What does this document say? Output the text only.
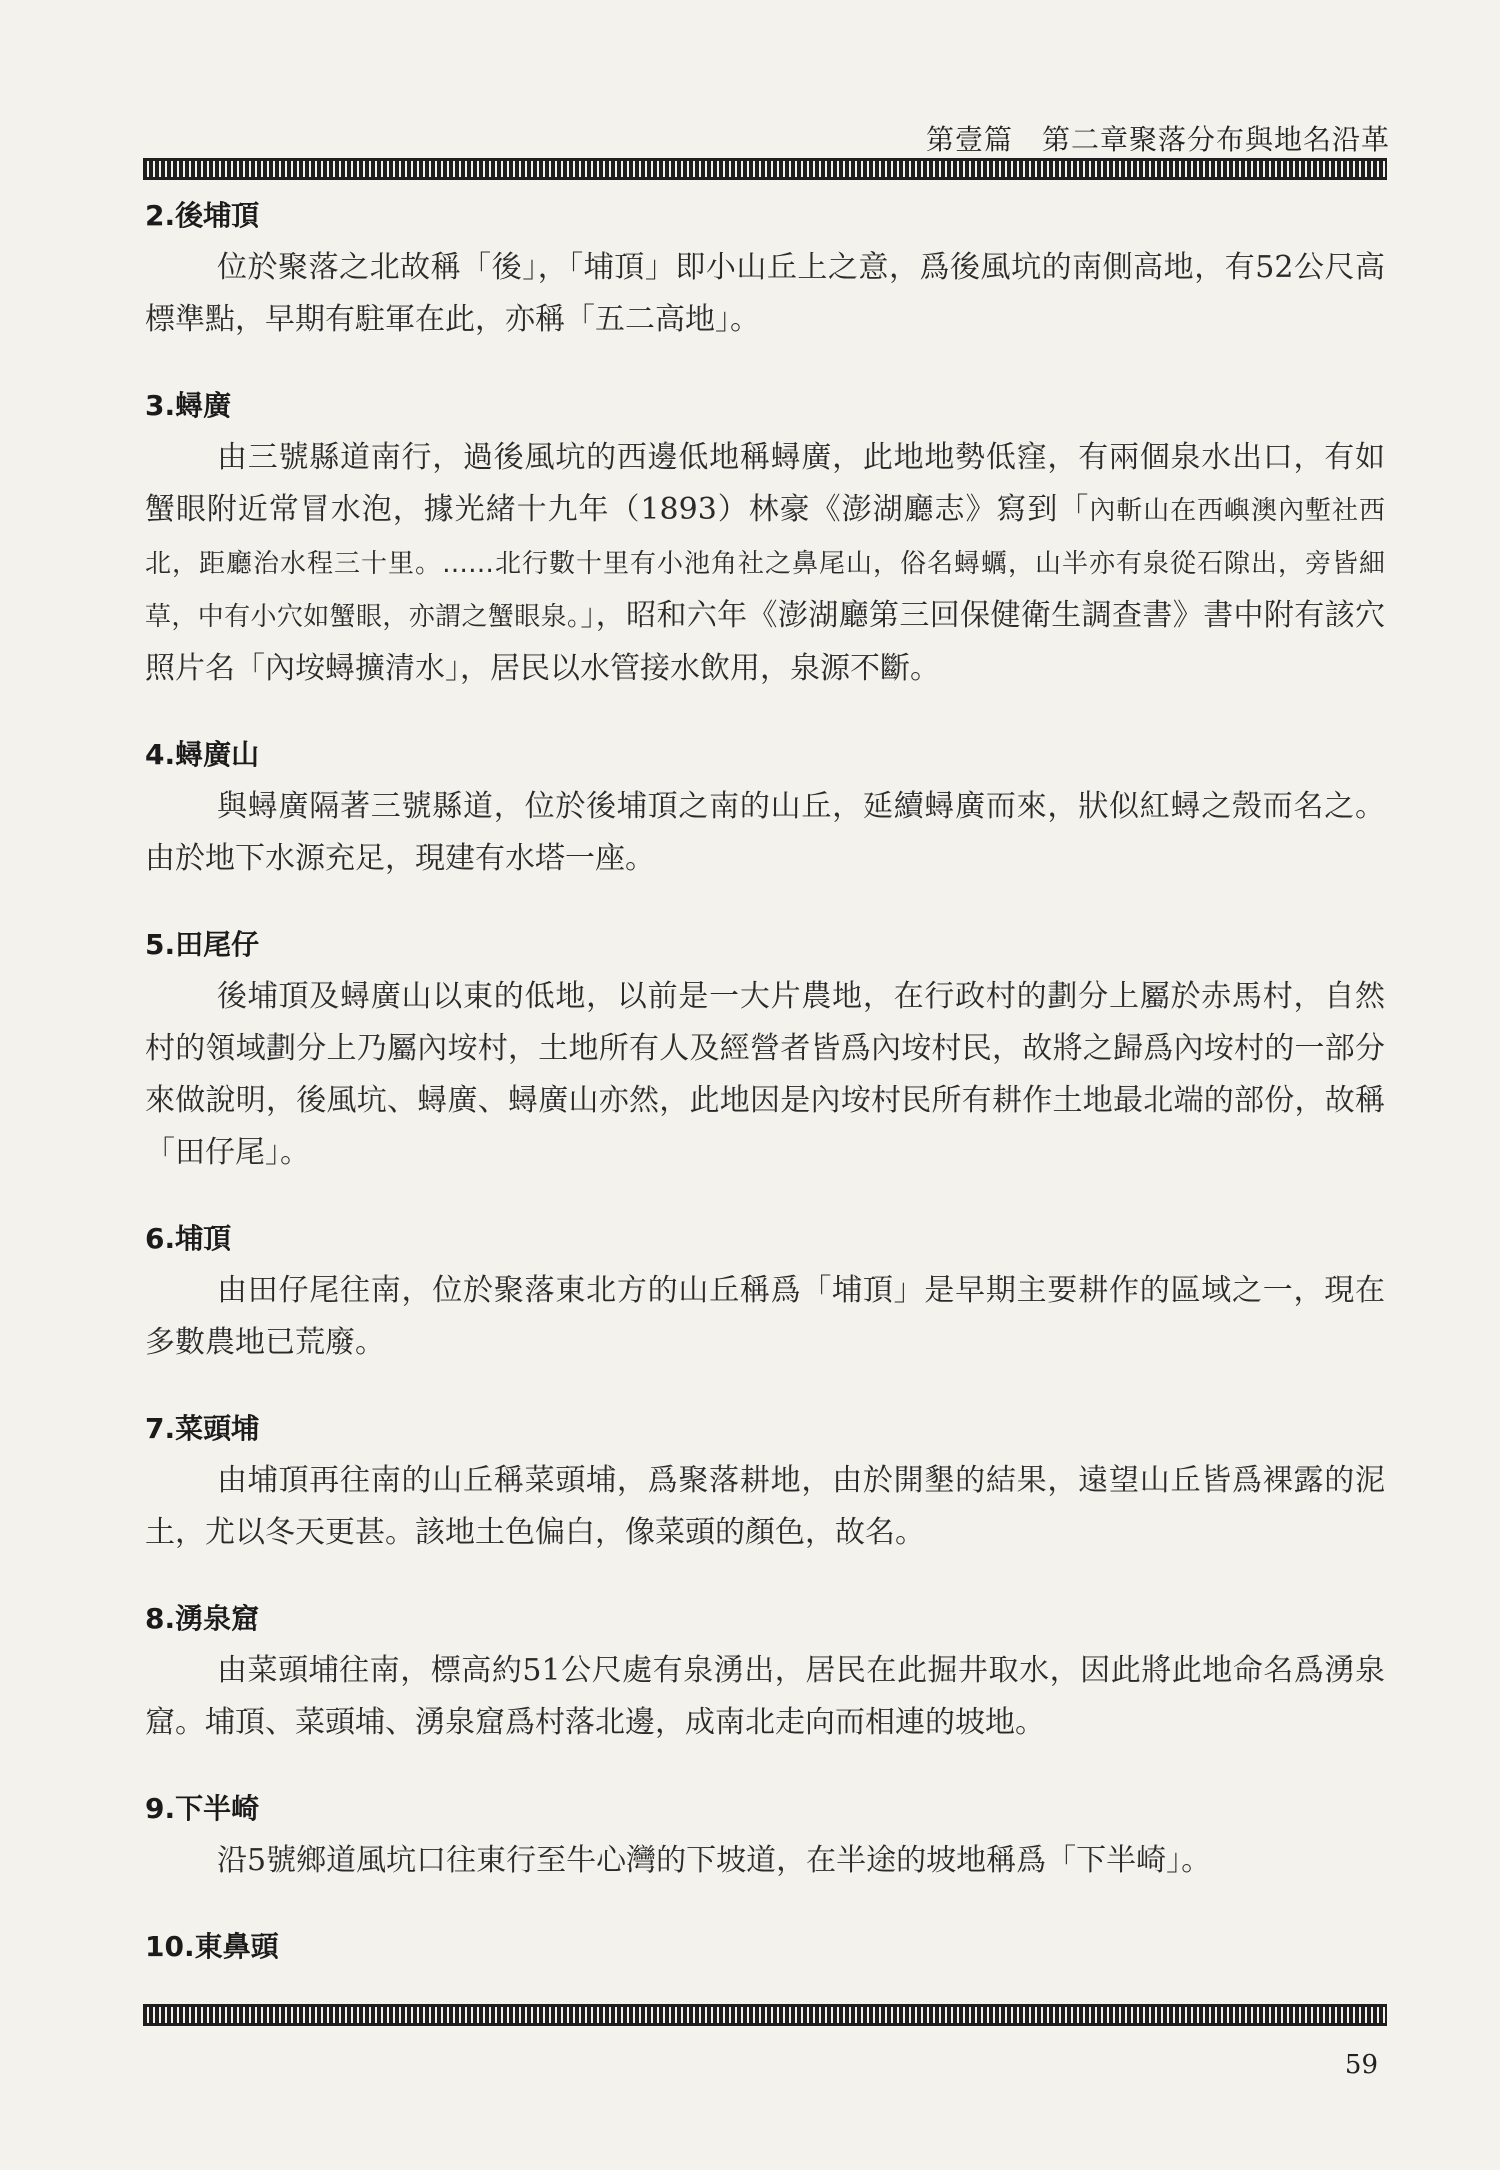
第壹篇　第二章聚落分布與地名沿革
2.後埔頂

位於聚落之北故稱「後」，「埔頂」即小山丘上之意，爲後風坑的南側高地，有52公尺高標準點，早期有駐軍在此，亦稱「五二高地」。

3.蟳廣

由三號縣道南行，過後風坑的西邊低地稱蟳廣，此地地勢低窪，有兩個泉水出口，有如蟹眼附近常冒水泡，據光緒十九年（1893）林豪《澎湖廳志》寫到「內斬山在西嶼澳內塹社西北，距廳治水程三十里。……北行數十里有小池角社之鼻尾山，俗名蟳蠣，山半亦有泉從石隙出，旁皆細草，中有小穴如蟹眼，亦謂之蟹眼泉。」，昭和六年《澎湖廳第三回保健衛生調查書》書中附有該穴照片名「內垵蟳擴清水」，居民以水管接水飲用，泉源不斷。

4.蟳廣山

與蟳廣隔著三號縣道，位於後埔頂之南的山丘，延續蟳廣而來，狀似紅蟳之殼而名之。由於地下水源充足，現建有水塔一座。

5.田尾仔

後埔頂及蟳廣山以東的低地，以前是一大片農地，在行政村的劃分上屬於赤馬村，自然村的領域劃分上乃屬內垵村，土地所有人及經營者皆爲內垵村民，故將之歸爲內垵村的一部分來做說明，後風坑、蟳廣、蟳廣山亦然，此地因是內垵村民所有耕作土地最北端的部份，故稱「田仔尾」。

6.埔頂

由田仔尾往南，位於聚落東北方的山丘稱爲「埔頂」是早期主要耕作的區域之一，現在多數農地已荒廢。

7.菜頭埔

由埔頂再往南的山丘稱菜頭埔，爲聚落耕地，由於開墾的結果，遠望山丘皆爲裸露的泥土，尤以冬天更甚。該地土色偏白，像菜頭的顏色，故名。

8.湧泉窟

由菜頭埔往南，標高約51公尺處有泉湧出，居民在此掘井取水，因此將此地命名爲湧泉窟。埔頂、菜頭埔、湧泉窟爲村落北邊，成南北走向而相連的坡地。

9.下半崎

沿5號鄉道風坑口往東行至牛心灣的下坡道，在半途的坡地稱爲「下半崎」。

10.東鼻頭
59
